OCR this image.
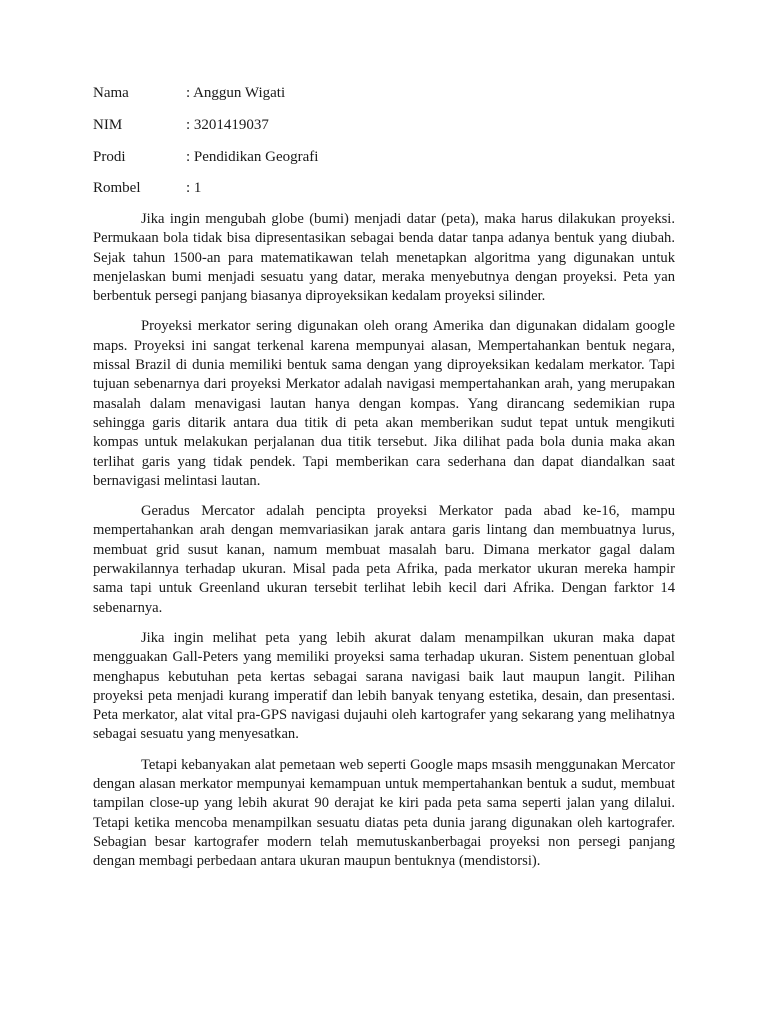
Nama	: Anggun Wigati
NIM	: 3201419037
Prodi	: Pendidikan Geografi
Rombel	: 1

Jika ingin mengubah globe (bumi) menjadi datar (peta), maka harus dilakukan proyeksi. Permukaan bola tidak bisa dipresentasikan sebagai benda datar tanpa adanya bentuk yang diubah. Sejak tahun 1500-an para matematikawan telah menetapkan algoritma yang digunakan untuk menjelaskan bumi menjadi sesuatu yang datar, meraka menyebutnya dengan proyeksi. Peta yan berbentuk persegi panjang biasanya diproyeksikan kedalam proyeksi silinder.

Proyeksi merkator sering digunakan oleh orang Amerika dan digunakan didalam google maps. Proyeksi ini sangat terkenal karena mempunyai alasan, Mempertahankan bentuk negara, missal Brazil di dunia memiliki bentuk sama dengan yang diproyeksikan kedalam merkator. Tapi tujuan sebenarnya dari proyeksi Merkator adalah navigasi mempertahankan arah, yang merupakan masalah dalam menavigasi lautan hanya dengan kompas. Yang dirancang sedemikian rupa sehingga garis ditarik antara dua titik di peta akan memberikan sudut tepat untuk mengikuti kompas untuk melakukan perjalanan dua titik tersebut. Jika dilihat pada bola dunia maka akan terlihat garis yang tidak pendek. Tapi memberikan cara sederhana dan dapat diandalkan saat bernavigasi melintasi lautan.

Geradus Mercator adalah pencipta proyeksi Merkator pada abad ke-16, mampu mempertahankan arah dengan memvariasikan jarak antara garis lintang dan membuatnya lurus, membuat grid susut kanan, namum membuat masalah baru. Dimana merkator gagal dalam perwakilannya terhadap ukuran. Misal pada peta Afrika, pada merkator ukuran mereka hampir sama tapi untuk Greenland ukuran tersebit terlihat lebih kecil dari Afrika. Dengan farktor 14 sebenarnya.

Jika ingin melihat peta yang lebih akurat dalam menampilkan ukuran maka dapat mengguakan Gall-Peters yang memiliki proyeksi sama terhadap ukuran. Sistem penentuan global menghapus kebutuhan peta kertas sebagai sarana navigasi baik laut maupun langit. Pilihan proyeksi peta menjadi kurang imperatif dan lebih banyak tenyang estetika, desain, dan presentasi. Peta merkator, alat vital pra-GPS navigasi dujauhi oleh kartografer yang sekarang yang melihatnya sebagai sesuatu yang menyesatkan.

Tetapi kebanyakan alat pemetaan web seperti Google maps msasih menggunakan Mercator dengan alasan merkator mempunyai kemampuan untuk mempertahankan bentuk a sudut, membuat tampilan close-up yang lebih akurat 90 derajat ke kiri pada peta sama seperti jalan yang dilalui. Tetapi ketika mencoba menampilkan sesuatu diatas peta dunia jarang digunakan oleh kartografer. Sebagian besar kartografer modern telah memutuskanberbagai proyeksi non persegi panjang dengan membagi perbedaan antara ukuran maupun bentuknya (mendistorsi).
